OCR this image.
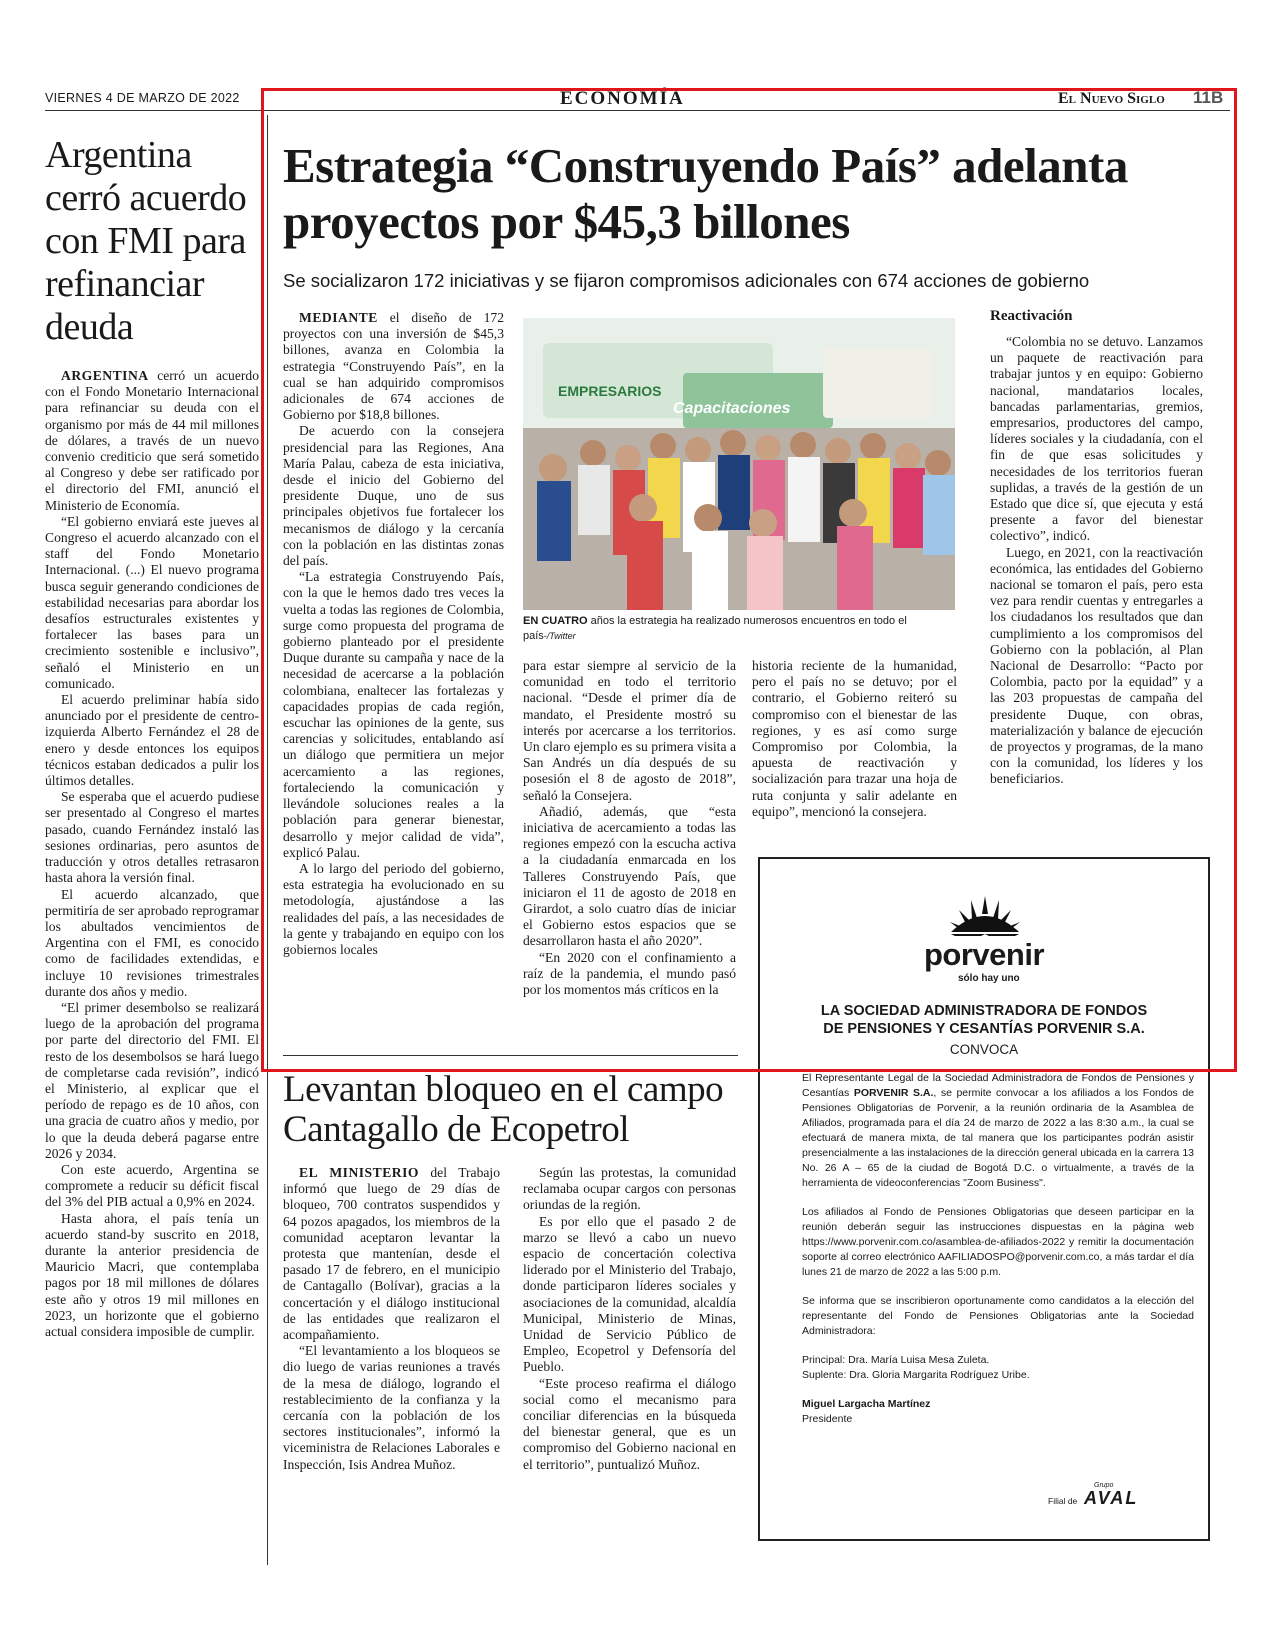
VIERNES 4 DE MARZO DE 2022	ECONOMÍA	El Nuevo Siglo 11B
Argentina cerró acuerdo con FMI para refinanciar deuda

ARGENTINA cerró un acuerdo con el Fondo Monetario Internacional para refinanciar su deuda con el organismo por más de 44 mil millones de dólares, a través de un nuevo convenio crediticio que será sometido al Congreso y debe ser ratificado por el directorio del FMI, anunció el Ministerio de Economía.

“El gobierno enviará este jueves al Congreso el acuerdo alcanzado con el staff del Fondo Monetario Internacional. (...) El nuevo programa busca seguir generando condiciones de estabilidad necesarias para abordar los desafíos estructurales existentes y fortalecer las bases para un crecimiento sostenible e inclusivo”, señaló el Ministerio en un comunicado.

El acuerdo preliminar había sido anunciado por el presidente de centro-izquierda Alberto Fernández el 28 de enero y desde entonces los equipos técnicos estaban dedicados a pulir los últimos detalles.

Se esperaba que el acuerdo pudiese ser presentado al Congreso el martes pasado, cuando Fernández instaló las sesiones ordinarias, pero asuntos de traducción y otros detalles retrasaron hasta ahora la versión final.

El acuerdo alcanzado, que permitiría de ser aprobado reprogramar los abultados vencimientos de Argentina con el FMI, es conocido como de facilidades extendidas, e incluye 10 revisiones trimestrales durante dos años y medio.

“El primer desembolso se realizará luego de la aprobación del programa por parte del directorio del FMI. El resto de los desembolsos se hará luego de completarse cada revisión”, indicó el Ministerio, al explicar que el período de repago es de 10 años, con una gracia de cuatro años y medio, por lo que la deuda deberá pagarse entre 2026 y 2034.

Con este acuerdo, Argentina se compromete a reducir su déficit fiscal del 3% del PIB actual a 0,9% en 2024.

Hasta ahora, el país tenía un acuerdo stand-by suscrito en 2018, durante la anterior presidencia de Mauricio Macri, que contemplaba pagos por 18 mil millones de dólares este año y otros 19 mil millones en 2023, un horizonte que el gobierno actual considera imposible de cumplir.

Estrategia “Construyendo País” adelanta proyectos por $45,3 billones
Se socializaron 172 iniciativas y se fijaron compromisos adicionales con 674 acciones de gobierno

MEDIANTE el diseño de 172 proyectos con una inversión de $45,3 billones, avanza en Colombia la estrategia “Construyendo País”, en la cual se han adquirido compromisos adicionales de 674 acciones de Gobierno por $18,8 billones.

De acuerdo con la consejera presidencial para las Regiones, Ana María Palau, cabeza de esta iniciativa, desde el inicio del Gobierno del presidente Duque, uno de sus principales objetivos fue fortalecer los mecanismos de diálogo y la cercanía con la población en las distintas zonas del país.

“La estrategia Construyendo País, con la que le hemos dado tres veces la vuelta a todas las regiones de Colombia, surge como propuesta del programa de gobierno planteado por el presidente Duque durante su campaña y nace de la necesidad de acercarse a la población colombiana, enaltecer las fortalezas y capacidades propias de cada región, escuchar las opiniones de la gente, sus carencias y solicitudes, entablando así un diálogo que permitiera un mejor acercamiento a las regiones, fortaleciendo la comunicación y llevándole soluciones reales a la población para generar bienestar, desarrollo y mejor calidad de vida”, explicó Palau.

A lo largo del periodo del gobierno, esta estrategia ha evolucionado en su metodología, ajustándose a las realidades del país, a las necesidades de la gente y trabajando en equipo con los gobiernos locales

EMPRESARIOS
Capacitaciones
EN CUATRO años la estrategia ha realizado numerosos encuentros en todo el país-/Twitter

para estar siempre al servicio de la comunidad en todo el territorio nacional. “Desde el primer día de mandato, el Presidente mostró su interés por acercarse a los territorios. Un claro ejemplo es su primera visita a San Andrés un día después de su posesión el 8 de agosto de 2018”, señaló la Consejera.

Añadió, además, que “esta iniciativa de acercamiento a todas las regiones empezó con la escucha activa a la ciudadanía enmarcada en los Talleres Construyendo País, que iniciaron el 11 de agosto de 2018 en Girardot, a solo cuatro días de iniciar el Gobierno estos espacios que se desarrollaron hasta el año 2020”.

“En 2020 con el confinamiento a raíz de la pandemia, el mundo pasó por los momentos más críticos en la

historia reciente de la humanidad, pero el país no se detuvo; por el contrario, el Gobierno reiteró su compromiso con el bienestar de las regiones, y es así como surge Compromiso por Colombia, la apuesta de reactivación y socialización para trazar una hoja de ruta conjunta y salir adelante en equipo”, mencionó la consejera.

Reactivación

“Colombia no se detuvo. Lanzamos un paquete de reactivación para trabajar juntos y en equipo: Gobierno nacional, mandatarios locales, bancadas parlamentarias, gremios, empresarios, productores del campo, líderes sociales y la ciudadanía, con el fin de que esas solicitudes y necesidades de los territorios fueran suplidas, a través de la gestión de un Estado que dice sí, que ejecuta y está presente a favor del bienestar colectivo”, indicó.

Luego, en 2021, con la reactivación económica, las entidades del Gobierno nacional se tomaron el país, pero esta vez para rendir cuentas y entregarles a los ciudadanos los resultados que dan cumplimiento a los compromisos del Gobierno con la población, al Plan Nacional de Desarrollo: “Pacto por Colombia, pacto por la equidad” y a las 203 propuestas de campaña del presidente Duque, con obras, materialización y balance de ejecución de proyectos y programas, de la mano con la comunidad, los líderes y los beneficiarios.

Levantan bloqueo en el campo Cantagallo de Ecopetrol

EL MINISTERIO del Trabajo informó que luego de 29 días de bloqueo, 700 contratos suspendidos y 64 pozos apagados, los miembros de la comunidad aceptaron levantar la protesta que mantenían, desde el pasado 17 de febrero, en el municipio de Cantagallo (Bolívar), gracias a la concertación y el diálogo institucional de las entidades que realizaron el acompañamiento.

“El levantamiento a los bloqueos se dio luego de varias reuniones a través de la mesa de diálogo, logrando el restablecimiento de la confianza y la cercanía con la población de los sectores institucionales”, informó la viceministra de Relaciones Laborales e Inspección, Isis Andrea Muñoz.

Según las protestas, la comunidad reclamaba ocupar cargos con personas oriundas de la región.

Es por ello que el pasado 2 de marzo se llevó a cabo un nuevo espacio de concertación colectiva liderado por el Ministerio del Trabajo, donde participaron líderes sociales y asociaciones de la comunidad, alcaldía Municipal, Ministerio de Minas, Unidad de Servicio Público de Empleo, Ecopetrol y Defensoría del Pueblo.

“Este proceso reafirma el diálogo social como el mecanismo para conciliar diferencias en la búsqueda del bienestar general, que es un compromiso del Gobierno nacional en el territorio”, puntualizó Muñoz.

porvenir
sólo hay uno
LA SOCIEDAD ADMINISTRADORA DE FONDOS
DE PENSIONES Y CESANTÍAS PORVENIR S.A.
CONVOCA

El Representante Legal de la Sociedad Administradora de Fondos de Pensiones y Cesantías PORVENIR S.A., se permite convocar a los afiliados a los Fondos de Pensiones Obligatorias de Porvenir, a la reunión ordinaria de la Asamblea de Afiliados, programada para el día 24 de marzo de 2022 a las 8:30 a.m., la cual se efectuará de manera mixta, de tal manera que los participantes podrán asistir presencialmente a las instalaciones de la dirección general ubicada en la carrera 13 No. 26 A – 65 de la ciudad de Bogotá D.C. o virtualmente, a través de la herramienta de videoconferencias "Zoom Business".

Los afiliados al Fondo de Pensiones Obligatorias que deseen participar en la reunión deberán seguir las instrucciones dispuestas en la página web https://www.porvenir.com.co/asamblea-de-afiliados-2022 y remitir la documentación soporte al correo electrónico AAFILIADOSPO@porvenir.com.co, a más tardar el día lunes 21 de marzo de 2022 a las 5:00 p.m.

Se informa que se inscribieron oportunamente como candidatos a la elección del representante del Fondo de Pensiones Obligatorias ante la Sociedad Administradora:

Principal: Dra. María Luisa Mesa Zuleta.
Suplente: Dra. Gloria Margarita Rodríguez Uribe.
Miguel Largacha Martínez
Presidente
Filial de
Grupo
AVAL
